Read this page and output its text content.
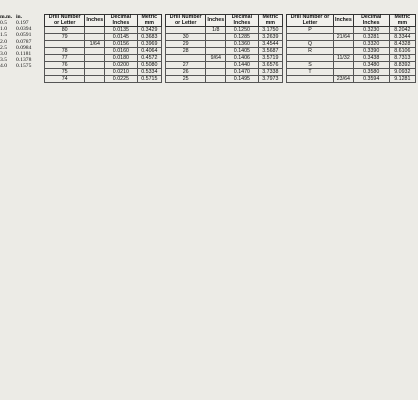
m.m. in.
0.5	0.197
1.0	0.0394
1.5	0.0591
2.0	0.0787
2.5	0.0984
3.0	0.1181
3.5	0.1378
4.0	0.1575
Drill Number or Letter	Inches	Decimal Inches	Metric mm
80		0.0135	0.3429
79		0.0145	0.3683
	1/64	0.0156	0.3969
78		0.0160	0.4064
77		0.0180	0.4572
76		0.0200	0.5080
75		0.0210	0.5334
74		0.0225	0.5715
Drill Number or Letter	Inches	Decimal Inches	Metric mm
	1/8	0.1250	3.1750
30		0.1285	3.2639
29		0.1360	3.4544
28		0.1405	3.5687
	9/64	0.1406	3.5719
27		0.1440	3.6576
26		0.1470	3.7338
25		0.1495	3.7973
Drill Number or Letter	Inches	Decimal Inches	Metric mm
P		0.3230	8.2042
	21/64	0.3281	8.3344
Q		0.3320	8.4328
R		0.3390	8.6106
	11/32	0.3438	8.7313
S		0.3480	8.8392
T		0.3580	9.0932
	23/64	0.3594	9.1281
